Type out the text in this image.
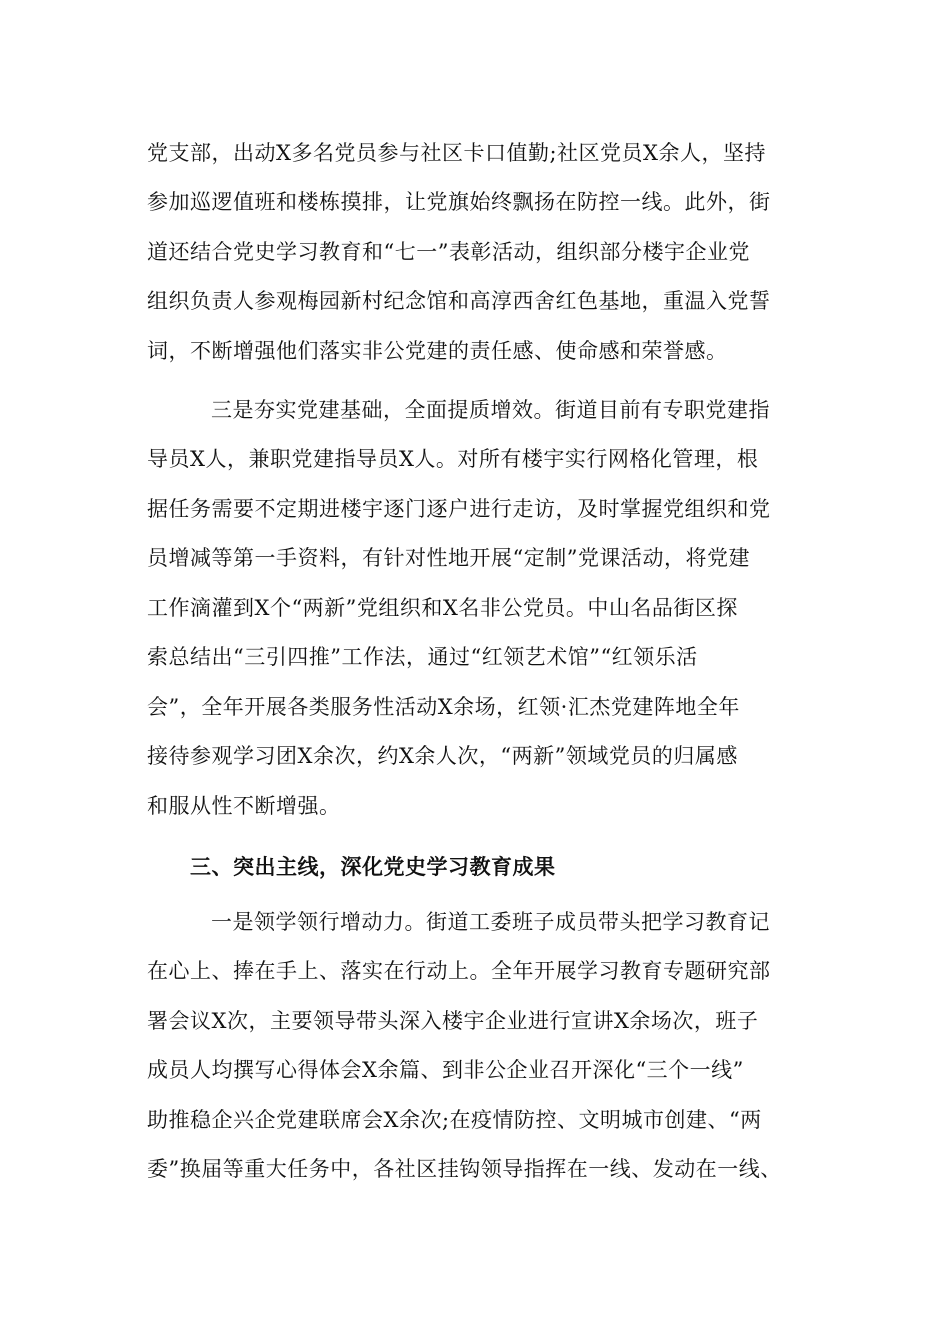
党支部，出动X多名党员参与社区卡口值勤;社区党员X余人，坚持
参加巡逻值班和楼栋摸排，让党旗始终飘扬在防控一线。此外，街
道还结合党史学习教育和“七一”表彰活动，组织部分楼宇企业党
组织负责人参观梅园新村纪念馆和高淳西舍红色基地，重温入党誓
词，不断增强他们落实非公党建的责任感、使命感和荣誉感。
三是夯实党建基础，全面提质增效。街道目前有专职党建指
导员X人，兼职党建指导员X人。对所有楼宇实行网格化管理，根
据任务需要不定期进楼宇逐门逐户进行走访，及时掌握党组织和党
员增减等第一手资料，有针对性地开展“定制”党课活动，将党建
工作滴灌到X个“两新”党组织和X名非公党员。中山名品街区探
索总结出“三引四推”工作法，通过“红领艺术馆”“红领乐活
会”，全年开展各类服务性活动X余场，红领·汇杰党建阵地全年
接待参观学习团X余次，约X余人次，“两新”领域党员的归属感
和服从性不断增强。
三、突出主线，深化党史学习教育成果
一是领学领行增动力。街道工委班子成员带头把学习教育记
在心上、捧在手上、落实在行动上。全年开展学习教育专题研究部
署会议X次，主要领导带头深入楼宇企业进行宣讲X余场次，班子
成员人均撰写心得体会X余篇、到非公企业召开深化“三个一线”
助推稳企兴企党建联席会X余次;在疫情防控、文明城市创建、“两
委”换届等重大任务中，各社区挂钩领导指挥在一线、发动在一线、
